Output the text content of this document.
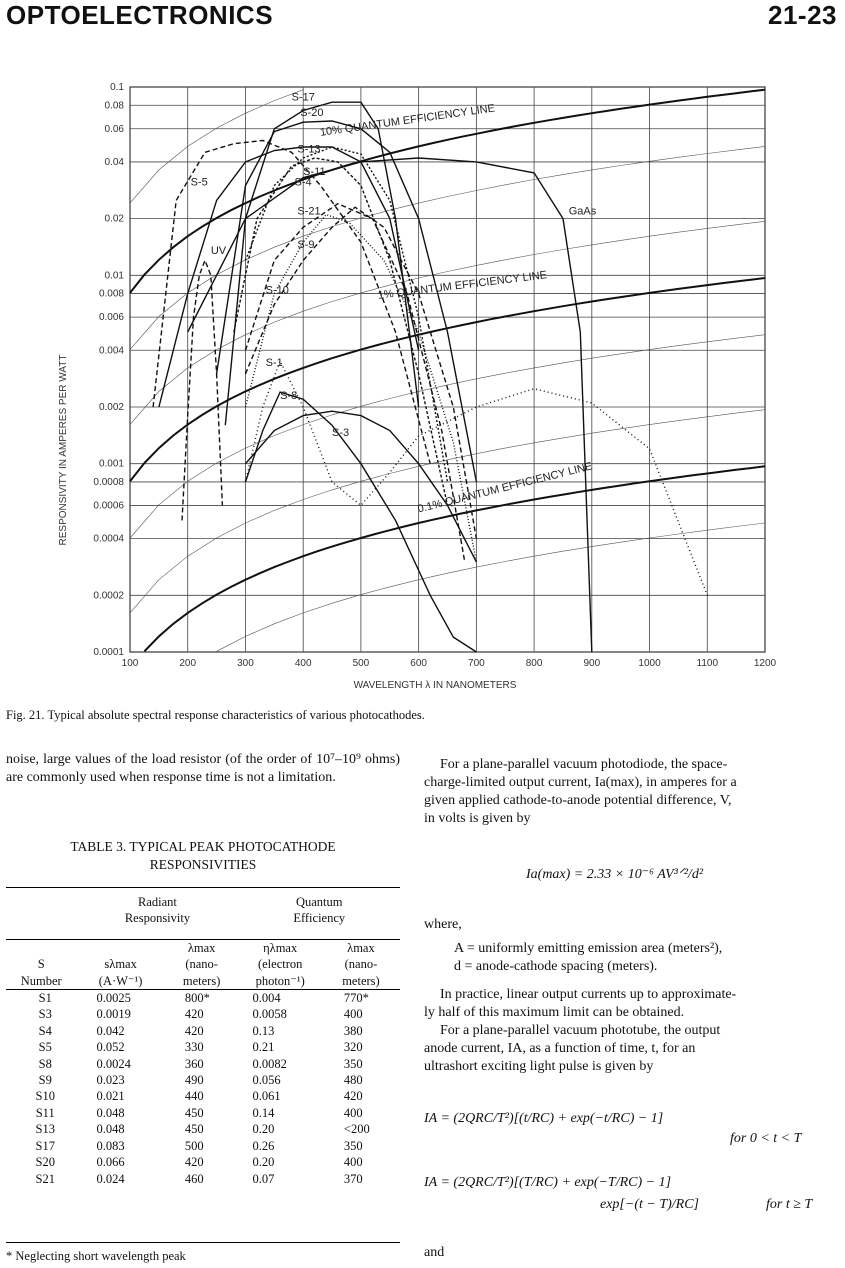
OPTOELECTRONICS	21-23
0.1
0.08
0.06
0.04
0.02
0.01
0.008
0.006
0.004
0.002
0.001
0.0008
0.0006
0.0004
0.0002
0.0001
100	200	300	400	500	600	700	800	900	1000	1100	1200
10% QUANTUM EFFICIENCY LINE
1% QUANTUM EFFICIENCY LINE
0.1% QUANTUM EFFICIENCY LINE
S-17
S-20
S-13
S-11
S-4
S-5
S-21
S-9
S-10
GaAs
S-1
S-8
S-3
UV
WAVELENGTH λ IN NANOMETERS
RESPONSIVITY IN AMPERES PER WATT
Fig. 21. Typical absolute spectral response characteristics of various photocathodes.
noise, large values of the load resistor (of the order of 10⁷–10⁹ ohms) are commonly used when response time is not a limitation.
TABLE 3. TYPICAL PEAK PHOTOCATHODE
RESPONSIVITIES
	Radiant		Quantum	
	Responsivity		Efficiency	
		λmax	ηλmax	λmax
S	sλmax	(nano-	(electron	(nano-
Number	(A·W⁻¹)	meters)	photon⁻¹)	meters)
S1	0.0025	800*	0.004	770*
S3	0.0019	420	0.0058	400
S4	0.042	420	0.13	380
S5	0.052	330	0.21	320
S8	0.0024	360	0.0082	350
S9	0.023	490	0.056	480
S10	0.021	440	0.061	420
S11	0.048	450	0.14	400
S13	0.048	450	0.20	<200
S17	0.083	500	0.26	350
S20	0.066	420	0.20	400
S21	0.024	460	0.07	370
* Neglecting short wavelength peak
For a plane-parallel vacuum photodiode, the space-
charge-limited output current, Ia(max), in amperes for a
given applied cathode-to-anode potential difference, V,
in volts is given by
Ia(max) = 2.33 × 10⁻⁶ AV³ᐟ²/d²
where,
A = uniformly emitting emission area (meters²),
d = anode-cathode spacing (meters).
In practice, linear output currents up to approximate-
ly half of this maximum limit can be obtained.
For a plane-parallel vacuum phototube, the output
anode current, IA, as a function of time, t, for an
ultrashort exciting light pulse is given by
IA = (2QRC/T²)[(t/RC) + exp(−t/RC) − 1]
for 0 < t < T
IA = (2QRC/T²)[(T/RC) + exp(−T/RC) − 1]
exp[−(t − T)/RC]	for t ≥ T
and
